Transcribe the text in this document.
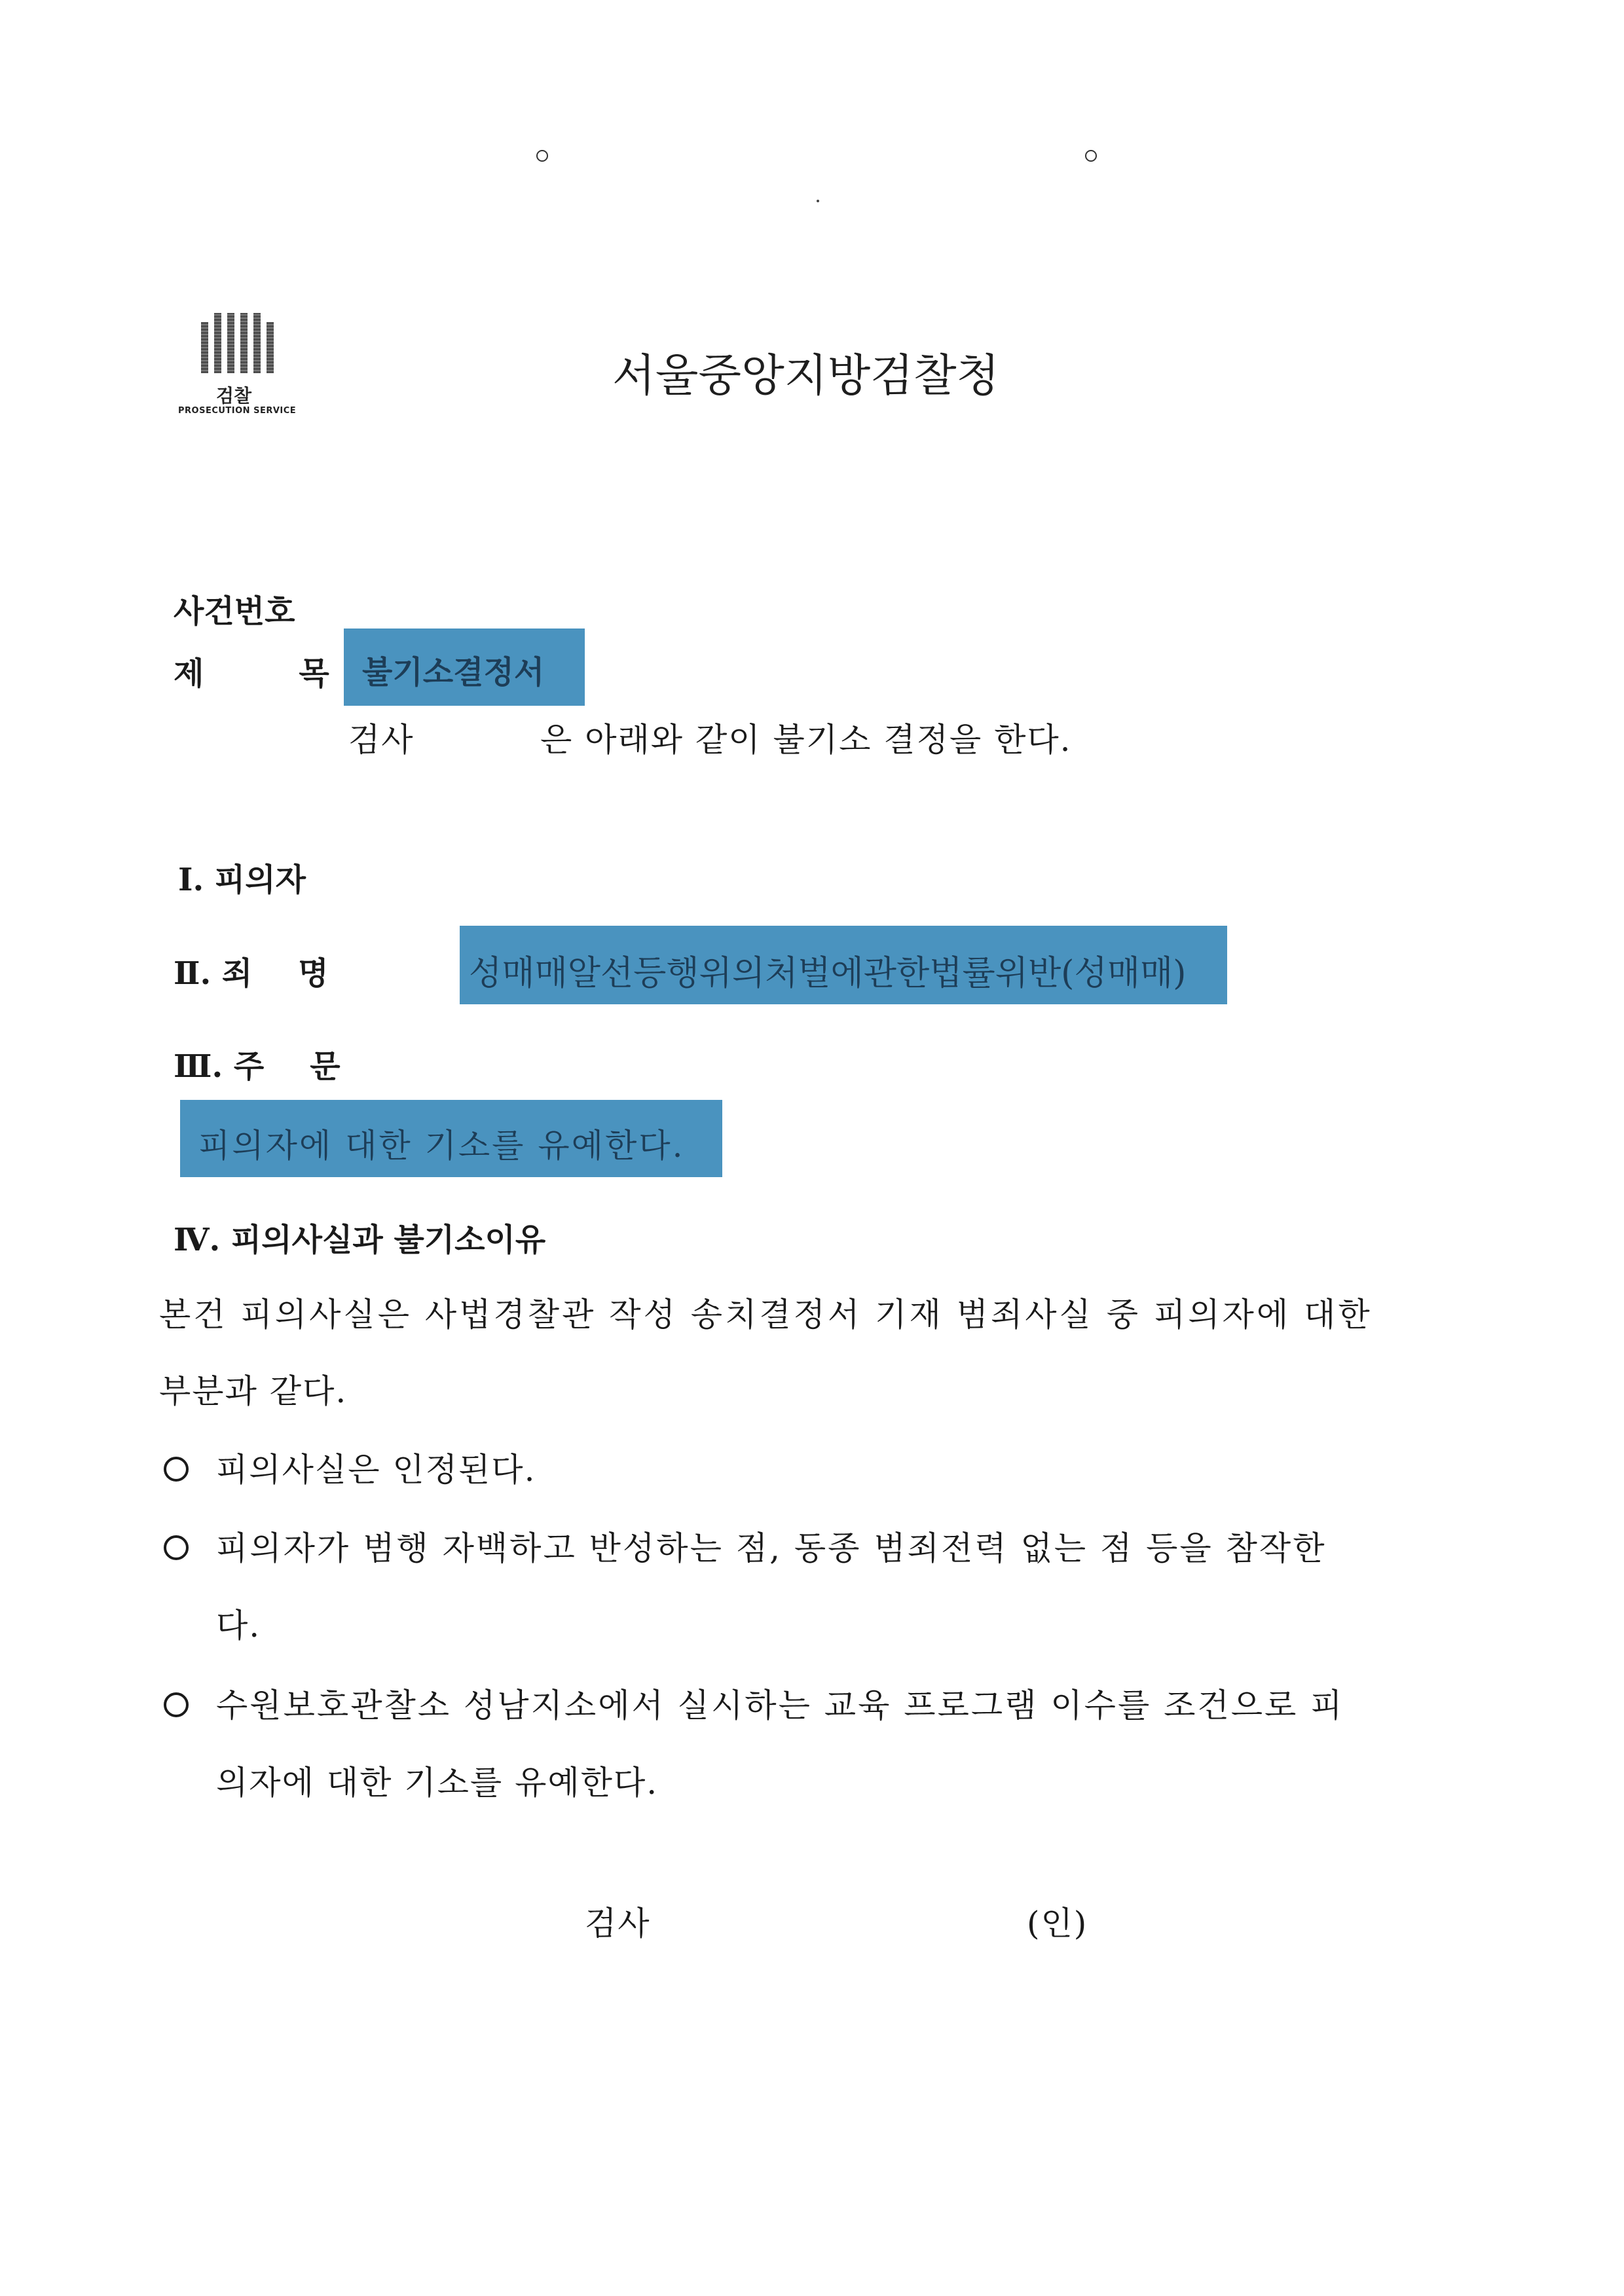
검찰
PROSECUTION SERVICE
서울중앙지방검찰청
사건번호
제	목 불기소결정서
검사	은 아래와 같이 불기소 결정을 한다.
Ⅰ. 피의자
Ⅱ. 죄 명	성매매알선등행위의처벌에관한법률위반(성매매)
Ⅲ. 주 문
피의자에 대한 기소를 유예한다.
Ⅳ. 피의사실과 불기소이유
본건 피의사실은 사법경찰관 작성 송치결정서 기재 범죄사실 중 피의자에 대한
부분과 같다.
피의사실은 인정된다.
피의자가 범행 자백하고 반성하는 점, 동종 범죄전력 없는 점 등을 참작한
다.
수원보호관찰소 성남지소에서 실시하는 교육 프로그램 이수를 조건으로 피
의자에 대한 기소를 유예한다.
검사	(인)
